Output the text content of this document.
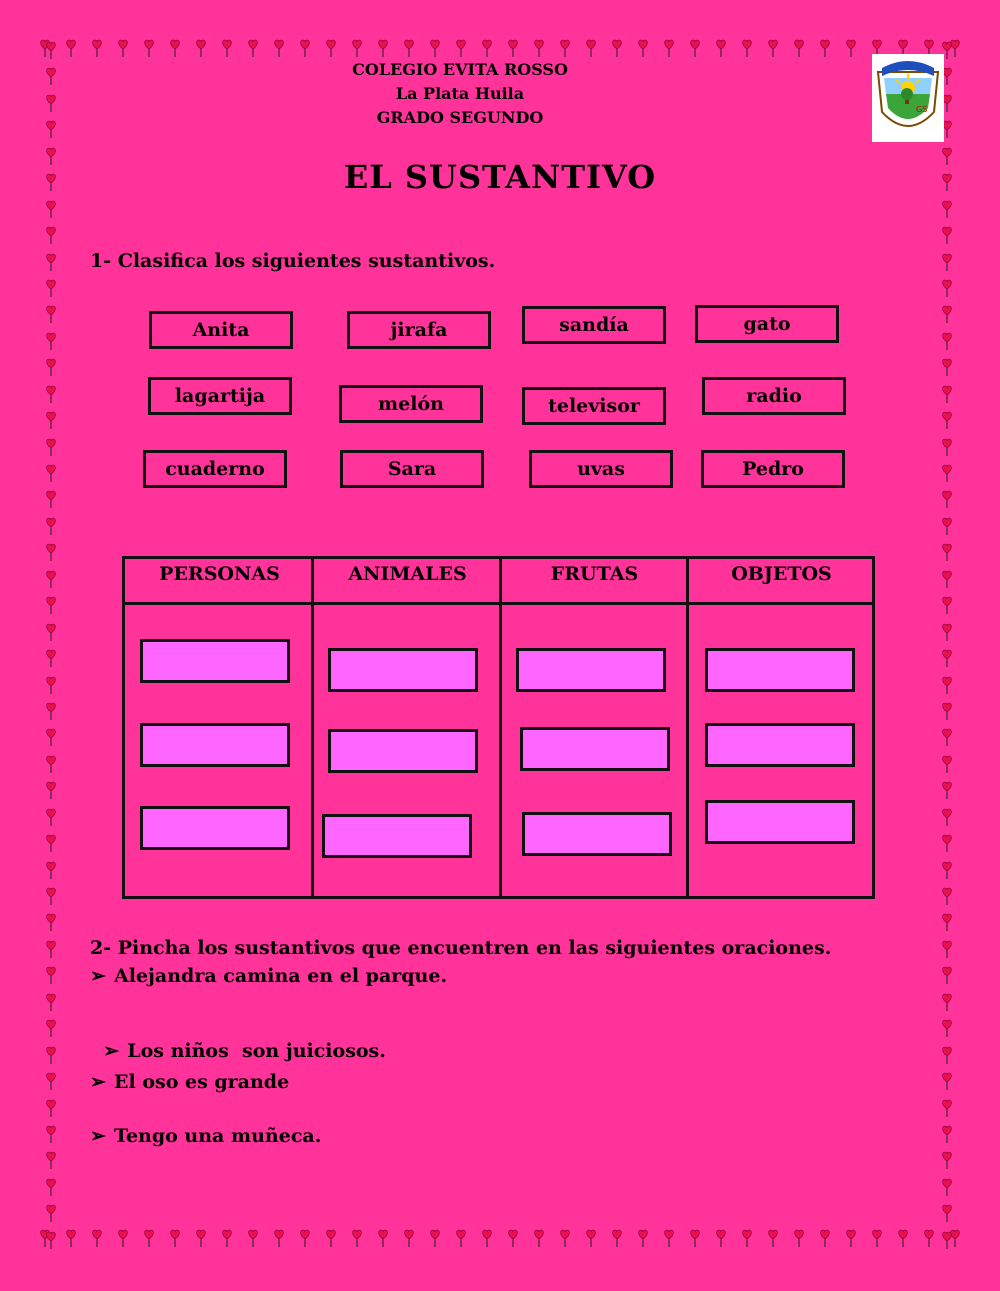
COLEGIO EVITA ROSSO
La Plata Huila
GRADO SEGUNDO	GS
EL SUSTANTIVO
1- Clasifica los siguientes sustantivos.
Anita	jirafa	sandía	gato
lagartija	melón	televisor	radio
cuaderno	Sara	uvas	Pedro
PERSONAS	ANIMALES	FRUTAS	OBJETOS
2- Pincha los sustantivos que encuentren en las siguientes oraciones.
➢ Alejandra camina en el parque.

➢ Los niños  son juiciosos.

➢ El oso es grande
➢ Tengo una muñeca.
